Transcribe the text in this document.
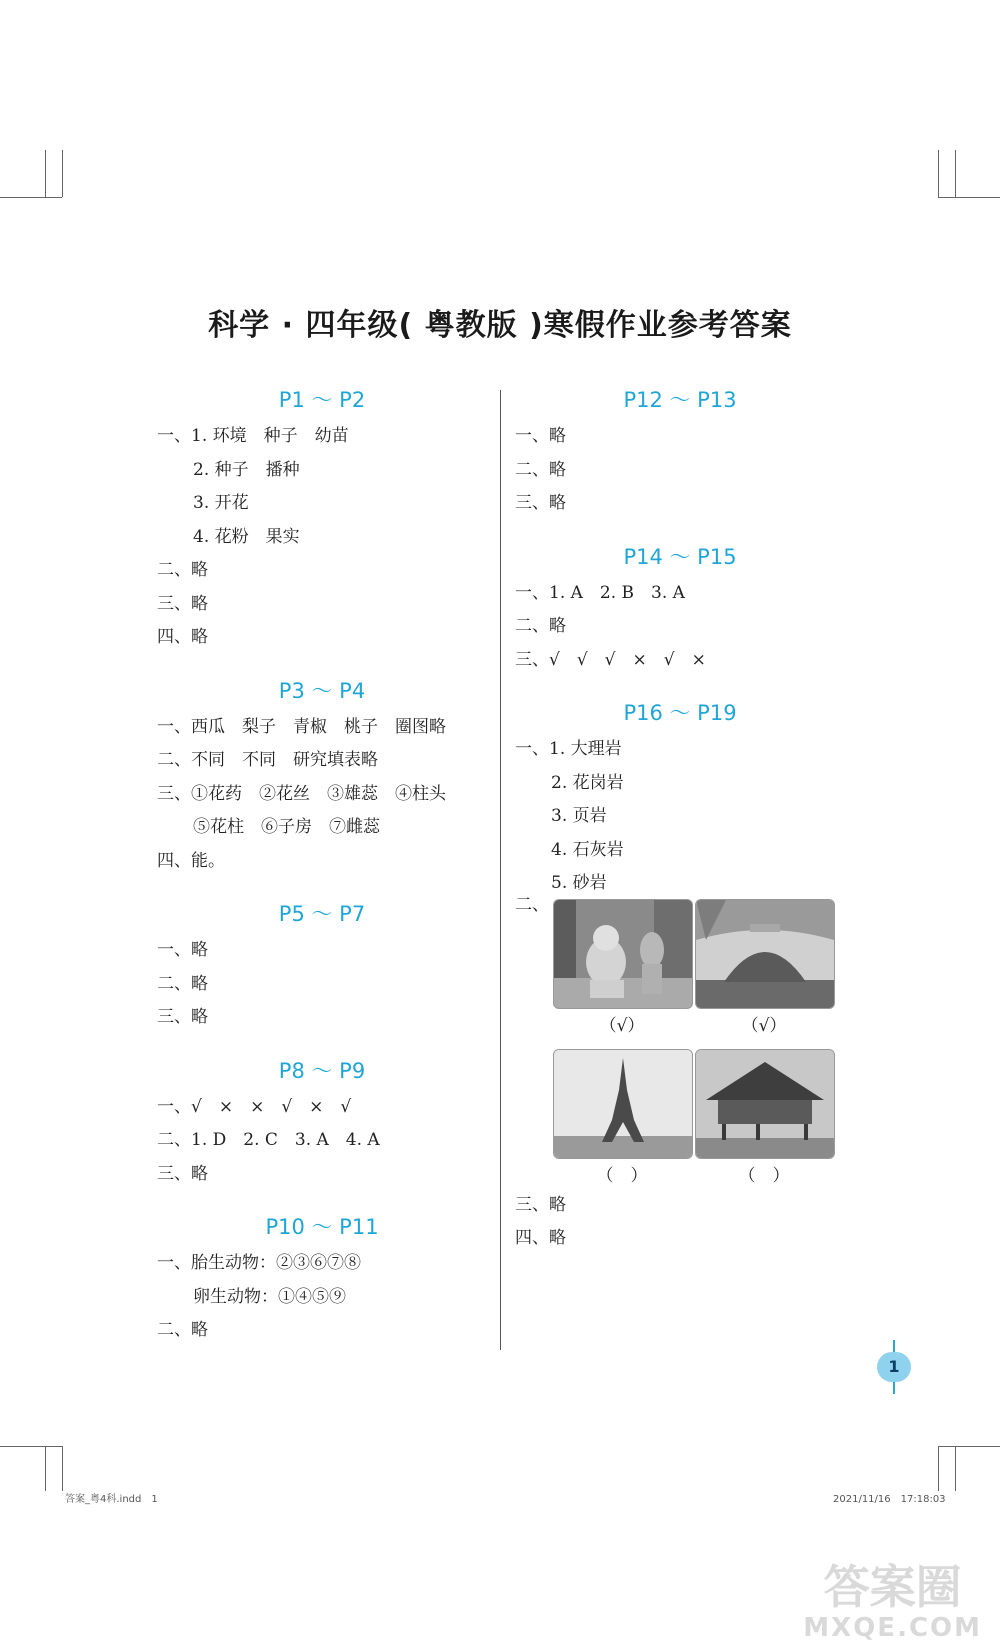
科学 · 四年级( 粤教版 )寒假作业参考答案
P1 ～ P2
一、1. 环境　种子　幼苗
2. 种子　播种
3. 开花
4. 花粉　果实
二、略
三、略
四、略
P3 ～ P4
一、西瓜　梨子　青椒　桃子　圈图略
二、不同　不同　研究填表略
三、①花药　②花丝　③雄蕊　④柱头
⑤花柱　⑥子房　⑦雌蕊
四、能。
P5 ～ P7
一、略
二、略
三、略
P8 ～ P9
一、√　×　×　√　×　√
二、1. D　2. C　3. A　4. A
三、略
P10 ～ P11
一、胎生动物：②③⑥⑦⑧
卵生动物：①④⑤⑨
二、略
P12 ～ P13
一、略
二、略
三、略
P14 ～ P15
一、1. A　2. B　3. A
二、略
三、√　√　√　×　√　×
P16 ～ P19
一、1. 大理岩
2. 花岗岩
3. 页岩
4. 石灰岩
5. 砂岩
二、
（√）	（√）
（　）	（　）
三、略
四、略
1
答案_粤4科.indd　1	2021/11/16　17:18:03
答案圈
MXQE.COM
